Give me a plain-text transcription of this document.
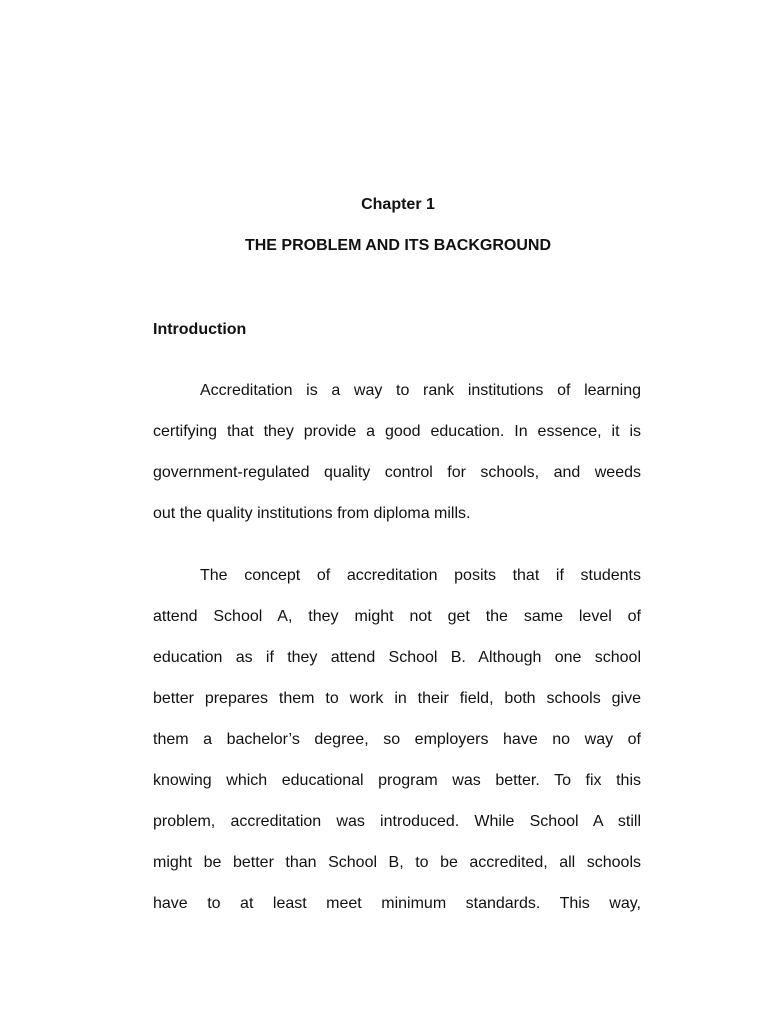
Chapter 1

THE PROBLEM AND ITS BACKGROUND

Introduction

Accreditation is a way to rank institutions of learning
certifying that they provide a good education. In essence, it is
government-regulated quality control for schools, and weeds
out the quality institutions from diploma mills.
The concept of accreditation posits that if students
attend School A, they might not get the same level of
education as if they attend School B. Although one school
better prepares them to work in their field, both schools give
them a bachelor’s degree, so employers have no way of
knowing which educational program was better. To fix this
problem, accreditation was introduced. While School A still
might be better than School B, to be accredited, all schools
have to at least meet minimum standards. This way,
